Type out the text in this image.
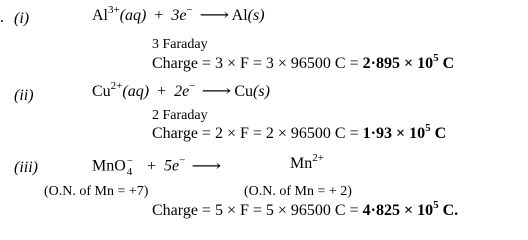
. (i)	$Al^{3+}(aq) + 3e^-$ ⟶ Al(s)
3 Faraday
Charge = 3 × F = 3 × 96500 $C = 2\cdot 895 \times 10^5$ C
(ii)	$Cu^{2+}(aq) + 2e^-$ ⟶ Cu(s)
2 Faraday
Charge = 2 × F = 2 × 96500 $C = 1\cdot 93 \times 10^5$ C
(iii)	MnO −
4 + 5e− ⟶	$Mn^{2+}$
(O.N. of Mn = +7)	(O.N. of Mn = + 2)
Charge = 5 × F = 5 × 96500 $C = 4\cdot 825 \times 10^5$ C.
